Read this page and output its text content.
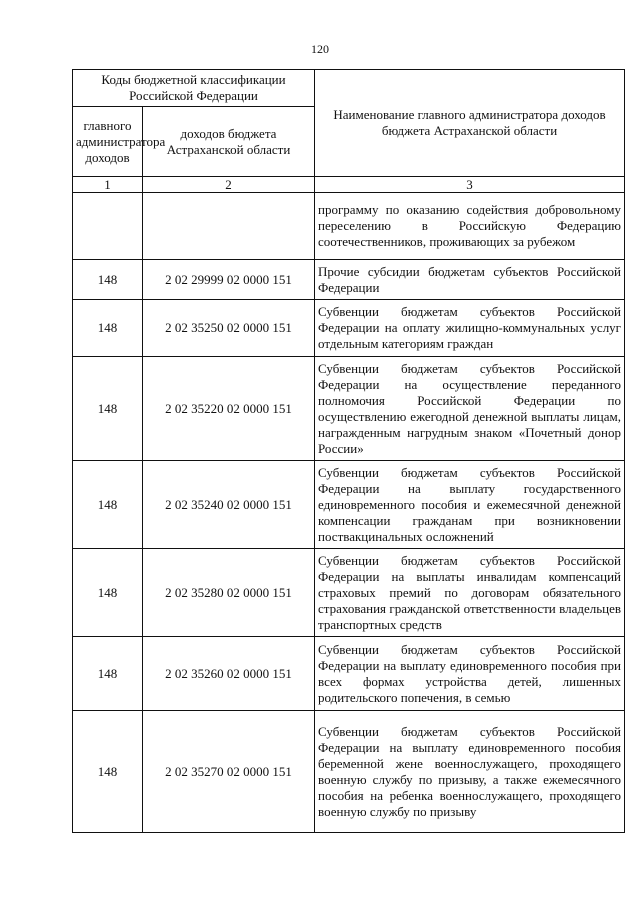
120
Коды бюджетной классификации Российской Федерации		Наименование главного администратора доходов бюджета Астраханской области
главного администратора доходов	доходов бюджета Астраханской области	
1	2	3
		программу по оказанию содействия добровольному переселению в Российскую Федерацию соотечественников, проживающих за рубежом
148	2 02 29999 02 0000 151	Прочие субсидии бюджетам субъектов Российской Федерации
148	2 02 35250 02 0000 151	Субвенции бюджетам субъектов Российской Федерации на оплату жилищно-коммунальных услуг отдельным категориям граждан
148	2 02 35220 02 0000 151	Субвенции бюджетам субъектов Российской Федерации на осуществление переданного полномочия Российской Федерации по осуществлению ежегодной денежной выплаты лицам, награжденным нагрудным знаком «Почетный донор России»
148	2 02 35240 02 0000 151	Субвенции бюджетам субъектов Российской Федерации на выплату государственного единовременного пособия и ежемесячной денежной компенсации гражданам при возникновении поствакцинальных осложнений
148	2 02 35280 02 0000 151	Субвенции бюджетам субъектов Российской Федерации на выплаты инвалидам компенсаций страховых премий по договорам обязательного страхования гражданской ответственности владельцев транспортных средств
148	2 02 35260 02 0000 151	Субвенции бюджетам субъектов Российской Федерации на выплату единовременного пособия при всех формах устройства детей, лишенных родительского попечения, в семью
148	2 02 35270 02 0000 151	Субвенции бюджетам субъектов Российской Федерации на выплату единовременного пособия беременной жене военнослужащего, проходящего военную службу по призыву, а также ежемесячного пособия на ребенка военнослужащего, проходящего военную службу по призыву
